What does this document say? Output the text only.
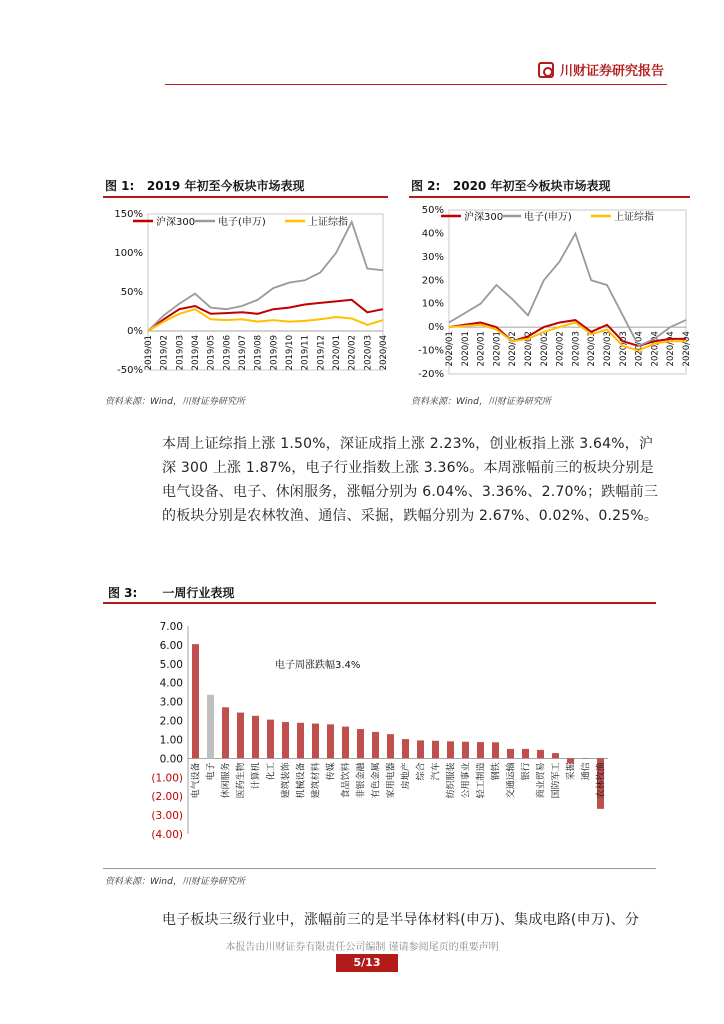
川财证券研究报告
图 1: 2019 年初至今板块市场表现
150%
100%
50%
0%
-50%
2019/01 2019/02 2019/03 2019/04 2019/05 2019/06 2019/07 2019/08 2019/09 2019/10 2019/11 2019/12 2020/01 2020/02 2020/03 2020/04
沪深300 电子(申万)	上证综指
资料来源：Wind，川财证券研究所
图 2: 2020 年初至今板块市场表现
50%
40%
30%
20%
10%
0%
-10%
-20%
2020/01 2020/01 2020/01 2020/01 2020/02 2020/02 2020/02 2020/02 2020/03 2020/03 2020/03 2020/03 2020/04 2020/04 2020/04 2020/04
沪深300 电子(申万)	上证综指
资料来源：Wind，川财证券研究所
本周上证综指上涨 1.50%，深证成指上涨 2.23%，创业板指上涨 3.64%，沪深 300 上涨 1.87%，电子行业指数上涨 3.36%。本周涨幅前三的板块分别是电气设备、电子、休闲服务，涨幅分别为 6.04%、3.36%、2.70%；跌幅前三的板块分别是农林牧渔、通信、采掘，跌幅分别为 2.67%、0.02%、0.25%。
图 3: 一周行业表现
7.00
6.00
5.00
4.00
3.00
2.00
1.00
0.00
(1.00)
(2.00)
(3.00)
(4.00)
电气设备 电子 休闲服务 医药生物 计算机 化工 建筑装饰 机械设备 建筑材料 传媒 食品饮料 非银金融 有色金属 家用电器 房地产 综合 汽车 纺织服装 公用事业 轻工制造 钢铁 交通运输 银行 商业贸易 国防军工 采掘 通信 农林牧渔
电子周涨跌幅3.4%
资料来源：Wind，川财证券研究所
电子板块三级行业中，涨幅前三的是半导体材料(申万)、集成电路(申万)、分
本报告由川财证券有限责任公司编制 谨请参阅尾页的重要声明
5/13
